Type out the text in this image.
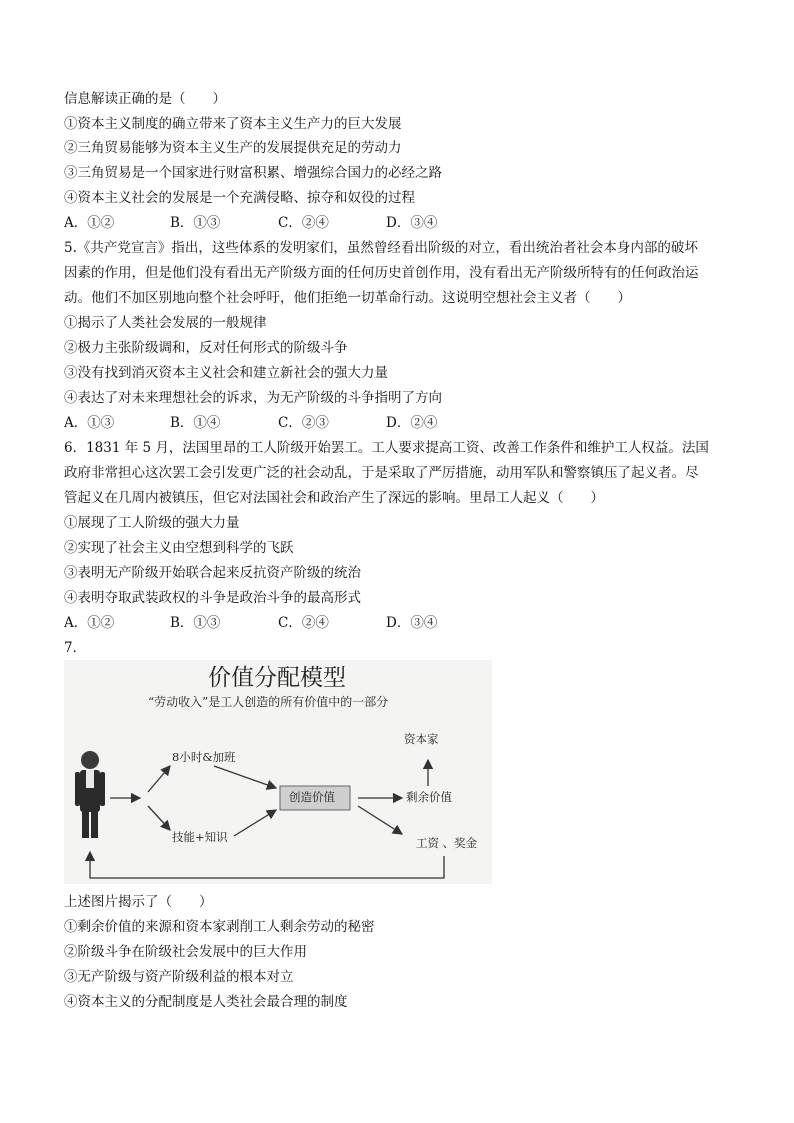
信息解读正确的是（　　）
①资本主义制度的确立带来了资本主义生产力的巨大发展
②三角贸易能够为资本主义生产的发展提供充足的劳动力
③三角贸易是一个国家进行财富积累、增强综合国力的必经之路
④资本主义社会的发展是一个充满侵略、掠夺和奴役的过程
A．①②	B．①③	C．②④	D．③④
5.《共产党宣言》指出，这些体系的发明家们，虽然曾经看出阶级的对立，看出统治者社会本身内部的破坏
因素的作用，但是他们没有看出无产阶级方面的任何历史首创作用，没有看出无产阶级所特有的任何政治运
动。他们不加区别地向整个社会呼吁，他们拒绝一切革命行动。这说明空想社会主义者（　　）
①揭示了人类社会发展的一般规律
②极力主张阶级调和，反对任何形式的阶级斗争
③没有找到消灭资本主义社会和建立新社会的强大力量
④表达了对未来理想社会的诉求，为无产阶级的斗争指明了方向
A．①③	B．①④	C．②③	D．②④
6．1831 年 5 月，法国里昂的工人阶级开始罢工。工人要求提高工资、改善工作条件和维护工人权益。法国
政府非常担心这次罢工会引发更广泛的社会动乱，于是采取了严厉措施，动用军队和警察镇压了起义者。尽
管起义在几周内被镇压，但它对法国社会和政治产生了深远的影响。里昂工人起义（　　）
①展现了工人阶级的强大力量
②实现了社会主义由空想到科学的飞跃
③表明无产阶级开始联合起来反抗资产阶级的统治
④表明夺取武装政权的斗争是政治斗争的最高形式
A．①②	B．①③	C．②④	D．③④
7．
价值分配模型
“劳动收入”是工人创造的所有价值中的一部分
8小时&加班
技能+知识
创造价值
资本家
剩余价值
工资 、奖金
上述图片揭示了（　　）
①剩余价值的来源和资本家剥削工人剩余劳动的秘密
②阶级斗争在阶级社会发展中的巨大作用
③无产阶级与资产阶级利益的根本对立
④资本主义的分配制度是人类社会最合理的制度
